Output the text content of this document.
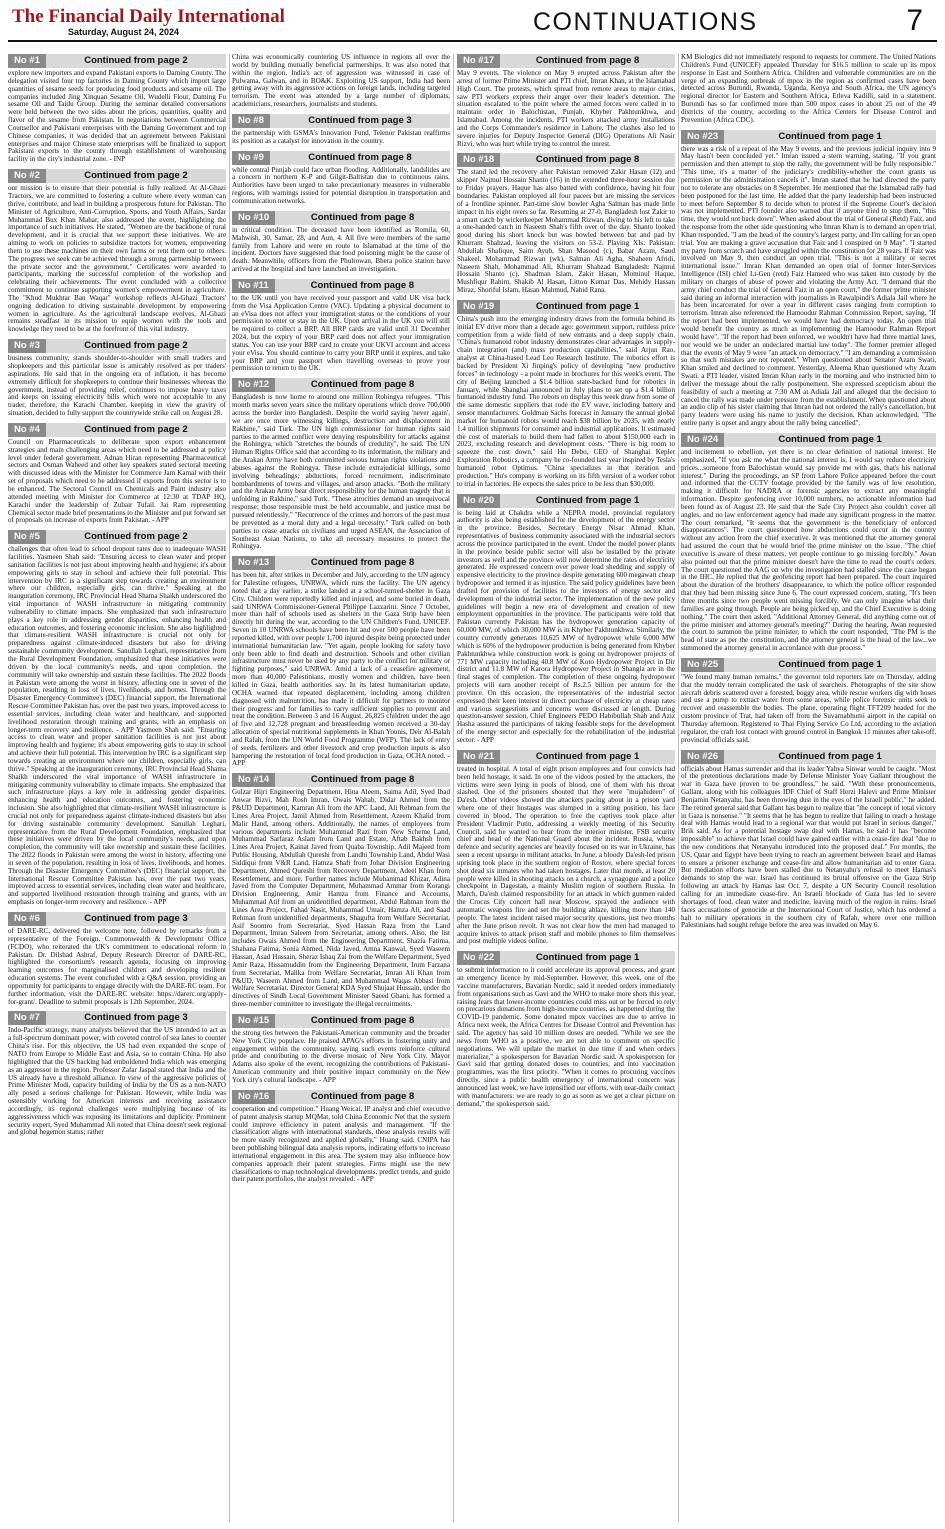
The Financial Daily International
Saturday, August 24, 2024	CONTINUATIONS	7
No #1	Continued from page 2
explore new importers and expand Pakistani exports to Daming County. The delegation visited four top factories in Daming County which import large quantities of sesame seeds for producing food products and sesame oil. The companies included Jing Xinquan Sesame Oil, Wudelli Flour, Daming Fu sesame Oil and Taidu Group. During the seminar detailed conversations were held between the two sides about the prices, quantities, quality and flavor of the sesame from Pakistan. In negotiations between Commercial Counsellor and Pakistani enterprises with the Daming Government and top Chinese companies, it was decided that an agreement between Pakistani enterprises and major Chinese state enterprises will be finalized to support Pakistani exports to the county through establishment of warehousing facility in the city's industrial zone. - INP
No #2	Continued from page 2
our mission is to ensure that their potential is fully realized. At Al-Ghazi Tractors, we are committed to fostering a culture where every woman can thrive, contribute, and lead in building a prosperous future for Pakistan. The Minister of Agriculture, Anti-Corruption, Sports, and Youth Affairs, Sardar Muhammad Bux Khan Mahar, also addressed the event, highlighting the importance of such initiatives. He stated, "Women are the backbone of rural development, and it is crucial that we support these initiatives. We are aiming to work on policies to subsidize tractors for women, empowering them to use these machines on their own farms or rent them out to others. The progress we seek can be achieved through a strong partnership between the private sector and the government." Certificates were awarded to participants, marking the successful completion of the workshop and celebrating their achievements. The event concluded with a collective commitment to continue supporting women's empowerment in agriculture. The "Khud Mukhtar Ban Waqar" workshop reflects Al-Ghazi Tractors' ongoing dedication to driving sustainable development by empowering women in agriculture. As the agricultural landscape evolves, Al-Ghazi remains steadfast in its mission to equip women with the tools and knowledge they need to be at the forefront of this vital industry.
No #3	Continued from page 2
business community, stands shoulder-to-shoulder with small traders and shopkeepers and this particular issue is amicably resolved as per traders' aspirations. He said that in the ongoing era of inflation, it has become extremely difficult for shopkeepers to continue their businesses whereas the government, instead of providing relief, continues to impose heavy taxes and keeps on issuing electricity bills which were not acceptable to any trader, therefore, the Karachi Chamber, keeping in view the gravity of situation, decided to fully support the countrywide strike call on August 28.
No #4	Continued from page 2
Council on Pharmaceuticals to deliberate upon export enhancement strategies and main challenging areas which need to be addressed at policy level under federal government. Adnan Hiran representing Pharmaceutical sectors and Osman Waheed and other key speakers stated sectoral meeting with discussed ideas with the Minister for Commerce Jam Kamal with their set of proposals which need to be addressed if exports from this sector is to be enhanced. The Sectoral Council on Chemicals and Paint industry also attended meeting with Minister for Commerce at 12:30 at TDAP HQ, Karachi under the leadership of Zubair Tufail. Jai Ram representing Chemical sector made brief presentations to the Minister and put forward set of proposals on increase of exports from Pakistan. - APP
No #5	Continued from page 2
challenges that often lead to school dropout rates due to inadequate WASH facilities. Yasmeen Shah said: "Ensuring access to clean water and proper sanitation facilities is not just about improving health and hygiene; it's about empowering girls to stay in school and achieve their full potential. This intervention by IRC is a significant step towards creating an environment where our children, especially girls, can thrive." Speaking at the inauguration ceremony, IRC Provincial Head Shama Shaikh underscored the vital importance of WASH infrastructure in mitigating community vulnerability to climate impacts. She emphasized that such infrastructure plays a key role in addressing gender disparities, enhancing health and education outcomes, and fostering economic inclusion. She also highlighted that climate-resilient WASH infrastructure is crucial not only for preparedness against climate-induced disasters but also for driving sustainable community development. Sanullah Leghari, representative from the Rural Development Foundation, emphasized that these initiatives were driven by the local community's needs, and upon completion, the community will take ownership and sustain these facilities. The 2022 floods in Pakistan were among the worst in history, affecting one in seven of the population, resulting in loss of lives, livelihoods, and homes. Through the Disaster Emergency Committee's (DEC) financial support, the International Rescue Committee Pakistan has, over the past two years, improved access to essential services, including clean water and healthcare, and supported livelihood restoration through training and grants, with an emphasis on longer-term recovery and resilience. - APP Yasmeen Shah said: "Ensuring access to clean water and proper sanitation facilities is not just about improving health and hygiene; it's about empowering girls to stay in school and achieve their full potential. This intervention by IRC is a significant step towards creating an environment where our children, especially girls, can thrive." Speaking at the inauguration ceremony, IRC Provincial Head Shama Shaikh underscored the vital importance of WASH infrastructure in mitigating community vulnerability to climate impacts. She emphasized that such infrastructure plays a key role in addressing gender disparities, enhancing health and education outcomes, and fostering economic inclusion. She also highlighted that climate-resilient WASH infrastructure is crucial not only for preparedness against climate-induced disasters but also for driving sustainable community development. Sanullah Leghari, representative from the Rural Development Foundation, emphasized that these initiatives were driven by the local community's needs, and upon completion, the community will take ownership and sustain these facilities. The 2022 floods in Pakistan were among the worst in history, affecting one in seven of the population, resulting in loss of lives, livelihoods, and homes. Through the Disaster Emergency Committee's (DEC) financial support, the International Rescue Committee Pakistan has, over the past two years, improved access to essential services, including clean water and healthcare, and supported livelihood restoration through training and grants, with an emphasis on longer-term recovery and resilience. - APP
No #6	Continued from page 3
of DARE-RC, delivered the welcome note, followed by remarks from a representative of the Foreign, Commonwealth & Development Office (FCDO), who reiterated the UK's commitment to educational reform in Pakistan. Dr. Dilshad Ashraf, Deputy Research Director of DARE-RC, highlighted the consortium's research agenda, focusing on improving learning outcomes for marginalised children and developing resilient education systems. The event concluded with a Q&A session, providing an opportunity for participants to engage directly with the DARE-RC team. For further information, visit the DARE-RC website: https://darerc.org/apply-for-grant/. Deadline to submit proposals is 12th September, 2024.
No #7	Continued from page 3
Indo-Pacific strategy, many analysts believed that the US intended to act as a full-spectrum dominant power, with coveted control of sea lanes to counter China's rise. For this objective, the US had even expanded the scope of NATO from Europe to Middle East and Asia, so to contain China. He also highlighted that the US backing had emboldened India which was emerging as an aggressor in the region. Professor Zafar Jaspal stated that India and the US already have a threshold alliance. In view of the aggressive policies of Prime Minister Modi, capacity building of India by the US as a non-NATO ally posed a serious challenge for Pakistan. However, while India was ostensibly working for American interests and receiving assistance accordingly, its regional challenges were multiplying because of its aggressiveness which was exposing its limitations and duplicity. Prominent security expert, Syed Muhammad Ali noted that China doesn't seek regional and global hegemon status; rather
China was economically countering US influence in regions all over the world by building mutually beneficial partnerships. It was also noted that within the region, India's act of aggression was witnessed in case of Pulwama, Galwan, and in BO&K. Exploiting US support, India had been getting away with its aggressive actions on foreign lands, including targeted terrorism. The event was attended by a large number of diplomats, academicians, researchers, journalists and students.
No #8	Continued from page 3
the partnership with GSMA's Innovation Fund, Telenor Pakistan reaffirms its position as a catalyst for innovation in the country.
No #9	Continued from page 8
while central Punjab could face urban flooding. Additionally, landslides are a concern in northern K-P and Gilgit-Baltistan due to continuous rains. Authorities have been urged to take precautionary measures in vulnerable regions, with warnings issued for potential disruption in transportation and communication networks.
No #10	Continued from page 8
in critical condition. The deceased have been identified as Romila, 60, Mahwish, 30, Samar, 28, and Aun, 4. All five were members of the same family from Lahore and were en route to Islamabad at the time of the incident. Doctors have suggested that food poisoning might be the cause of death. Meanwhile, officers from the Phulrowan, Bhera police station have arrived at the hospital and have launched an investigation.
No #11	Continued from page 8
to the UK until you have received your passport and valid UK visa back from the Visa Application Centre (VAC). Updating a physical document to an eVisa does not affect your immigration status or the conditions of your permission to enter or stay in the UK. Upon arrival in the UK you will still be required to collect a BRP. All BRP cards are valid until 31 December 2024, but the expiry of your BRP card does not affect your immigration status. You can use your BRP card to create your UKVI account and access your eVisa. You should continue to carry your BRP until it expires, and take your BRP and your passport when travelling overseas to prove your permission to return to the UK.
No #12	Continued from page 8
Bangladesh is now home to around one million Rohingya refugees. "This month marks seven years since the military operations which drove 700,000 across the border into Bangladesh. Despite the world saying 'never again', we are once more witnessing killings, destruction and displacement in Rakhine," said Turk. The UN high commissioner for human rights said parties to the armed conflict were denying responsibility for attacks against the Rohingya, which "stretches the bounds of credulity", he said. The UN Human Rights Office said that according to its information, the military and the Arakan Army have both committed serious human rights violations and abuses against the Rohingya. These include extrajudicial killings, some involving beheadings; abductions, forced recruitment, indiscriminate bombardments of towns and villages, and arson attacks. "Both the military and the Arakan Army bear direct responsibility for the human tragedy that is unfolding in Rakhine," said Turk. "These atrocities demand an unequivocal response; those responsible must be held accountable, and justice must be pursued relentlessly." "Recurrence of the crimes and horrors of the past must be prevented as a moral duty and a legal necessity." Turk called on both parties to cease attacks on civilians and urged ASEAN, the Association of Southeast Asian Nations, to take all necessary measures to protect the Rohingya.
No #13	Continued from page 8
has been hit, after strikes in December and July, according to the UN agency for Palestine refugees, UNRWA, which runs the facility. The UN agency noted that a day earlier, a strike landed at a school-turned-shelter in Gaza City. Children were reportedly killed and injured, and some buried in death, said UNRWA Commissioner-General Philippe Lazzarini. Since 7 October, more than half of schools used as shelters in the Gaza Strip have been directly hit during the war, according to the UN Children's Fund, UNICEF. Seven in 10 UNRWA schools have been hit and over 500 people have been reported killed, with over people 1,700 injured despite being protected under international humanitarian law. "Yet again, people looking for safety have only been able to find death and destruction. Schools and other civilian infrastructure must never be used by any party to the conflict for military or fighting purposes," said UNRWA. Amid a lack of a ceasefire agreement, more than 40,000 Palestinians, mostly women and children, have been killed in Gaza, health authorities say. In its latest humanitarian update, OCHA warned that repeated displacement, including among children diagnosed with malnutrition, has made it difficult for partners to monitor their progress and for families to carry sufficient supplies to prevent and treat the condition. Between 3 and 16 August, 26,825 children under the age of five and 12,728 pregnant and breastfeeding women received a 30-day allocation of special nutritional supplements in Khan Younis, Deir Al-Balah and Rafah, from the UN World Food Programme (WFP). The lack of entry of seeds, fertilizers and other livestock and crop production inputs is also hampering the restoration of local food production in Gaza, OCHA noted. - APP
No #14	Continued from page 8
Gulzar Hijri Engineering Department, Hina Aleem, Saima Adil, Syed Ibad Anwar Rizvi, Mah Rosh Imran, Owais Wahab, Didar Ahmed from the P&UD Department, Kamran Ali from the APC Land, Ali Rehman from the Lines Area Project, Jamil Ahmed from Resettlement, Azeem Khalid from Malir Hand, among others. Additionally, the names of employees from various departments include Muhammad Razi from New Scheme Land, Muhammad Sarfaraz Aslam from Land and Estate, Aftab Bakhsh from Lines Area Project, Kainat Javed from Quaba Township, Adil Majeed from Public Housing, Abdullah Qureshi from Landhi Township Land, Abdul Wasi Siddiqui from V&R Land, Hamza Shafi from Johar Division Engineering Department, Ahmed Qureshi from Recovery Department, Adeel Khan from Resettlement, and more. Further names include Muhammad Khizar, Adina Javed from the Computer Department, Muhammad Ammar from Korangi Division Engineering, Amir Hamza from Finance and Accounts, Muhammad Atif from an unidentified department, Abdul Rahman from the Lines Area Project, Fahad Nasir, Muhammad Umair, Hamza Ali, and Saad Rehman from unidentified departments, Shagufta from Welfare Secretariat, Asif Soomro from Secretariat, Syed Hassan Raza from the Land Department, Imran Saleem from Secretariat, among others. Also, the list includes Owais Ahmed from the Engineering Department, Shazia Fatima, Shabana Fatima, Sonia Ahmed, Nida Javed, Amna Kanwal, Syed Waseem Hassan, Asad Hussain, Sheraz Ishaq Zai from the Welfare Department, Syed Amir Raza, Hissamuddin from the Engineering Department, Irum Farzana from Secretariat, Malika from Welfare Secretariat, Imran Ali Khan from P&UD, Waseem Ahmed from Land, and Muhammad Waqas Abbasi from Welfare Secretariat. Director General KDA Syed Shujaat Hussain, under the directives of Sindh Local Government Minister Saeed Ghani, has formed a three-member committee to investigate the illegal recruitments.
No #15	Continued from page 8
the strong ties between the Pakistani-American community and the broader New York City populace. He praised APAG's efforts in fostering unity and engagement within the community, saying such events reinforce cultural pride and contributing to the diverse mosaic of New York City. Mayor Adams also spoke of the event, recognizing the contributions of Pakistani-American community and their positive impact community on the New York city's cultural landscape. - APP
No #16	Continued from page 8
cooperation and competition." Huang Weicai, IP analyst and chief executive of patent analysis startup MQMat, told China Economic Net that the system could improve efficiency in patent analysis and management. "If the classification aligns with international standards, these analysis results will be more easily recognized and applied globally," Huang said. CNIPA has been publishing bilingual data analysis reports, indicating efforts to increase international engagement in this area. The system may also influence how companies approach their patent strategies. Firms might use the new classifications to map technological developments, predict trends, and guide their patent portfolios, the analyst revealed. - APP
No #17	Continued from page 8
May 9 events. The violence on May 9 erupted across Pakistan after the arrest of former Prime Minister and PTI chief, Imran Khan, at the Islamabad High Court. The protests, which spread from remote areas to major cities, saw PTI workers express their anger over their leader's detention. The situation escalated to the point where the armed forces were called in to maintain order in Balochistan, Punjab, Khyber Pakhtunkhwa, and Islamabad. Among the incidents, PTI workers attacked army installations and the Corps Commander's residence in Lahore. The clashes also led to severe injuries for Deputy Inspector General (DIG) Operations Ali Nasir Rizvi, who was hurt while trying to control the unrest.
No #18	Continued from page 8
The stand led the recovery after Pakistan removed Zakir Hasan (12) and skipper Najmul Hossain Shanto (16) in the extended three-hour session due to Friday prayers. Haque has also batted with confidence, having hit four boundaries. Pakistan employed all four pacers but are missing the services of a frontline spinner. Part-time slow bowler Agha Salman has made little impact in his eight overs so far. Resuming at 27-0, Bangladesh lost Zakir to a smart catch by wicketkeeper Mohammad Rizwan, diving to his left to take a one-handed catch in Naseem Shah's fifth over of the day. Shanto looked good during his short knock but was bowled between bat and pad by Khurram Shahzad, leaving the visitors on 53-2. Playing XIs: Pakistan: Abdullah Shafique, Saim Ayub, Shan Masood (c), Babar Azam, Saud Shakeel, Mohammad Rizwan (wk), Salman Ali Agha, Shaheen Afridi, Naseem Shah, Mohammad Ali, Khurram Shahzad Bangladesh: Najmul Hossain Shanto (c), Shadman Islam, Zakir Hasan, Mominul Haque, Mushfiqur Rahim, Shakib Al Hasan, Litton Kumar Das, Mehidy Hassan Miraz, Shoriful Islam, Hasan Mahmud, Nahid Rana.
No #19	Continued from page 1
China's push into the emerging industry draws from the formula behind its initial EV drive more than a decade ago: government support, ruthless price competition from a wide field of new entrants and a deep supply chain. "China's humanoid robot industry demonstrates clear advantages in supply-chain integration (and) mass production capabilities," said Arjun Rao, analyst at China-based Lead Leo Research Institute. The robotics effort is backed by President Xi Jinping's policy of developing "new productive forces" in technology - a point made in brochures for this week's event. The city of Beijing launched a $1.4 billion state-backed fund for robotics in January, while Shanghai announced in July plans to set up a $1.4 billion humanoid industry fund. The robots on display this week draw from some of the same domestic suppliers that rode the EV wave, including battery and sensor manufacturers. Goldman Sachs forecast in January the annual global market for humanoid robots would reach $38 billion by 2035, with nearly 1.4 million shipments for consumer and industrial applications. It estimated the cost of materials to build them had fallen to about $150,000 each in 2023, excluding research and development costs. "There is big room to squeeze the cost down," said Hu Debo, CEO of Shanghai Kepler Exploration Robotics, a company he co-founded last year inspired by Tesla's humanoid robot Optimus. "China specializes in that iteration and production." Hu's company is working on its fifth version of a worker robot to trial in factories. He expects the sales price to be less than $30,000.
No #20	Continued from page 1
is being laid at Chakdra while a NEPRA model, provincial regulatory authority is also being established for the development of the energy sector in the province. Besides, Secretary Energy Nisar Ahmad Khan, representatives of business community associated with the industrial sectors across the province participated in the event. Under the model power plants in the province beside public sector will also be installed by the private investors as well and the province will now determine the rates of electricity generated. He expressed concern over power load shedding and supply of expensive electricity to the province despite generating 600 megawatt cheap hydropower and termed it as injustice. The said policy guidelines have been drafted for provision of facilities to the investors of energy sector and development of the industrial sector. The implementation of the new policy guidelines will begin a new era of development and creation of new employment opportunities in the province. The participants were told that Pakistan currently Pakistan has the hydropower generation capacity of 60,000 MW, of which 30,000 MW is in Khyber Pakhtunkhwa. Similarly, the country currently generates 10,625 MW of hydropower while 6,000 MW which is 60% of the hydropower production is being generated from Khyber Pakhtunkhwa while construction work is going on hydropower projects of 771 MW capacity including 40.8 MW of Koto Hydropower Project in Dir district and 11.8 MW of Karora Hydropower Project in Shangla are in the final stages of completion. The completion of these ongoing hydropower projects will earn another receipt of Rs.2.5 billion per annum for the province. On this occasion, the representatives of the industrial sector expressed their keen interest in direct purchase of electricity at cheap rates and various suggestions and concerns were discussed at length. During question-answer session, Chief Engineers PEDO Habibullah Shah and Aziz Hasha assured the participants of taking feasible steps for the development of the energy sector and especially for the rehabilitation of the industrial sector. - APP
No #21	Continued from page 1
treated in hospital. A total of eight prison employees and four convicts had been held hostage, it said. In one of the videos posted by the attackers, the victims were seen lying in pools of blood, one of them with his throat slashed. One of the prisoners shouted that they were "mujahideen" of Da'esh. Other videos showed the attackers pacing about in a prison yard where one of their hostages was slumped in a sitting position, his face covered in blood. The operation to free the captives took place after President Vladimir Putin, addressing a weekly meeting of his Security Council, said he wanted to hear from the interior minister, FSB security chief and head of the National Guard about the incident. Russia, whose defence and security agencies are heavily focused on its war in Ukraine, has seen a recent upsurge in militant attacks. In June, a bloody Da'esh-led prison uprising took place in the southern region of Rostov, where special forces shot dead six inmates who had taken hostages. Later that month, at least 20 people were killed in shooting attacks on a church, a synagogue and a police checkpoint in Dagestan, a mainly Muslim region of southern Russia. In March, Da'esh claimed responsibility for an attack in which gunmen raided the Crocus City concert hall near Moscow, sprayed the audience with automatic weapons fire and set the building ablaze, killing more than 140 people. The latest incident raised major security questions, just two months after the June prison revolt. It was not clear how the men had managed to acquire knives to attack prison staff and mobile phones to film themselves and post multiple videos online.
No #22	Continued from page 1
to submit information to it could accelerate its approval process, and grant an emergency licence by mid-September. However, this week, one of the vaccine manufacturers, Bavarian Nordic, said it needed orders immediately from organisations such as Gavi and the WHO to make more shots this year, raising fears that lower-income countries could miss out or be forced to rely on precarious donations from high-income countries, as happened during the COVID-19 pandemic. Some donated mpox vaccines are due to arrive in Africa next week, the Africa Centres for Disease Control and Prevention has said. The agency has said 10 million doses are needed. "While we see the news from WHO as a positive, we are not able to comment on specific negotiations. We will update the market in due time if and when orders materialize," a spokesperson for Bavarian Nordic said. A spokesperson for Gavi said that getting donated doses to countries, and into vaccination programmes, was the first priority. "When it comes to procuring vaccines directly, since a public health emergency of international concern was announced last week, we have intensified our efforts, with near-daily contact with manufacturers: we are ready to go as soon as we get a clear picture on demand," the spokesperson said.
KM Biologics did not immediately respond to requests for comment. The United Nations Children's Fund (UNICEF) appealed Thursday for $16.5 million to scale up its mpox response in East and Southern Africa. Children and vulnerable communities are on the verge of an expanding outbreak of mpox in the region as confirmed cases have been detected across Burundi, Rwanda, Uganda, Kenya and South Africa, the UN agency's regional director for Eastern and Southern Africa, Etleva Kadilli, said in a statement. Burundi has so far confirmed more than 500 mpox cases in about 25 out of the 49 districts of the country, according to the Africa Centers for Disease Control and Prevention (Africa CDC).
No #23	Continued from page 1
there was a risk of a repeat of the May 9 events, and the previous judicial inquiry into 9 May hasn't been concluded yet." Imran issued a stern warning, stating, "If you grant permission and then attempt to stop the rally, the government will be fully responsible." "This time, it's a matter of the judiciary's credibility-whether the court grants us permission or the administration cancels it". Imran stated that he had directed the party not to tolerate any obstacles on 8 September. He mentioned that the Islamabad rally had been postponed for the last time. He added that the party leadership had been instructed to meet before September 8 to decide when to protest if the Supreme Court's decision was not implemented. PTI founder also warned that if anyone tried to stop them, "this time, they would not back down". When asked about the trial of General (Retd) Faiz, and the response from the other side questioning who Imran Khan is to demand an open trial, Khan responded, "I am the head of the country's largest party, and I'm calling for an open trial. You are making a grave accusation that Faiz and I conspired on 9 May". "I started my party from scratch and have struggled within the constitution for 28 years. If Faiz was involved on May 9, then conduct an open trial. "This is not a military or secret international issue." Imran Khan demanded an open trial of former Inter-Services Intelligence (ISI) chief Lt-Gen (retd) Faiz Hameed who was taken into custody by the military on charges of abuse of power and violating the Army Act. "I demand that the army chief conduct the trial of General Faiz in an open court," the former prime minister said during an informal interaction with journalists in Rawalpindi's Adiala Jail where he has been incarcerated for over a year in different cases ranging from corruption to terrorism. Imran also referenced the Hamoodur Rahman Commission Report, saying, "If the report had been implemented, we would have had democracy today. An open trial would benefit the country as much as implementing the Hamoodur Rahman Report would have". "If the report had been enforced, we wouldn't have had three martial laws, nor would we be under an undeclared martial law today". The former premier alleged that the events of May 9 were "an attack on democracy." "I am demanding a commission so that such mistakes are not repeated." When questioned about Senator Azam Swati, Khan smiled and declined to comment. Yesterday, Aleema Khan questioned why Azam Swati, a PTI leader, visited Imran Khan early in the morning and who instructed him to deliver the message about the rally postponement. She expressed scepticism about the feasibility of such a meeting at 7:30 AM at Adiala Jail and alleged that the decision to cancel the rally was made under pressure from the establishment. When questioned about an audio clip of his sister claiming that Imran had not ordered the rally's cancellation, but party leaders were using his name to justify the decision, Khan acknowledged, "The entire party is upset and angry about the rally being cancelled".
No #24	Continued from page 1
and incitement to rebellion, yet there is no clear definition of national interest. He emphasized, "If you ask me what the national interest is, I would say reduce electricity prices...someone from Balochistan would say provide me with gas, that's his national interest." During the proceedings, an SP from Lahore Police appeared before the court and informed that the CCTV footage provided by the family was of low resolution, making it difficult for NADRA or forensic agencies to extract any meaningful information. Despite geofencing over 10,000 numbers, no actionable information had been found as of August 23. He said that the Safe City Project also couldn't cover all angles, and no law enforcement agency had made any significant progress in the matter. The court remarked, "It seems that the government is the beneficiary of enforced disappearances". The court questioned how abductions could occur in the country without any action from the chief executive. It was mentioned that the attorney general had assured the court that he would brief the prime minister on the issue. "The chief executive is aware of these matters, yet people continue to go missing forcibly." Awan also pointed out that the prime minister doesn't have the time to read the court's orders. The court questioned the AAG on why the investigation had stalled since the case began in the IHC. He replied that the geofencing report had been prepared. The court inquired about the duration of the brothers' disappearance, to which the police officer responded that they had been missing since June 6. The court expressed concern, stating, "It's been three months since two people went missing forcibly. We can only imagine what their families are going through. People are being picked up, and the Chief Executive is doing nothing." The court then asked, "Additional Attorney General, did anything come out of the prime minister and attorney general's meeting?" During the hearing, Awan requested the court to summon the prime minister, to which the court responded, "The PM is the head of state as per the constitution, and the attorney general is the head of the law...we summoned the attorney general in accordance with due process."
No #25	Continued from page 1
"We found many human remains," the governor told reporters late on Thursday, adding that the muddy terrain complicated the task of searchers. Photographs of the site show aircraft debris scattered over a forested, boggy area, while rescue workers dig with hoses and use a pump to extract water from some areas, while police forensic units seek to recover and reassemble the bodies. The plane, operating flight TFT209 headed for the custom province of Trat, had taken off from the Suvarnabhumi airport in the capital on Thursday afternoon. Registered to Thai Flying Service Co Ltd, according to the aviation regulator, the craft lost contact with ground control in Bangkok 11 minutes after take-off, provincial officials said.
No #26	Continued from page 1
officials about Hamas surrender and that its leader Yahya Sinwar would be caught. "Most of the pretentious declarations made by Defense Minister Yoav Gallant throughout the war in Gaza have proven to be groundless," he said. "With these pronouncements, Gallant, along with his colleagues IDF Chief of Staff Herzi Halevi and Prime Minister Benjamin Netanyahu, has been throwing dust in the eyes of the Israeli public," he added. The retired general said that Gallant has begun to realize that "the concept of total victory in Gaza is nonsense." "It seems that he has begun to realize that failing to reach a hostage deal with Hamas would lead to a regional war that would put Israel in serious danger," Brik said. As for a potential hostage swap deal with Hamas, he said it has "become impossible" to achieve that Israel could have gained earlier with a cease-fire deal "due to the new conditions that Netanyahu introduced into the proposed deal." For months, the US, Qatar and Egypt have been trying to reach an agreement between Israel and Hamas to ensure a prisoner exchange and cease-fire and allow humanitarian aid to enter Gaza. But mediation efforts have been stalled due to Netanyahu's refusal to meet Hamas's demands to stop the war. Israel has continued its brutal offensive on the Gaza Strip following an attack by Hamas last Oct. 7, despite a UN Security Council resolution calling for an immediate cease-fire. An Israeli blockade of Gaza has led to severe shortages of food, clean water and medicine, leaving much of the region in ruins. Israel faces accusations of genocide at the International Court of Justice, which has ordered a halt to military operations in the southern city of Rafah, where over one million Palestinians had sought refuge before the area was invaded on May 6.
